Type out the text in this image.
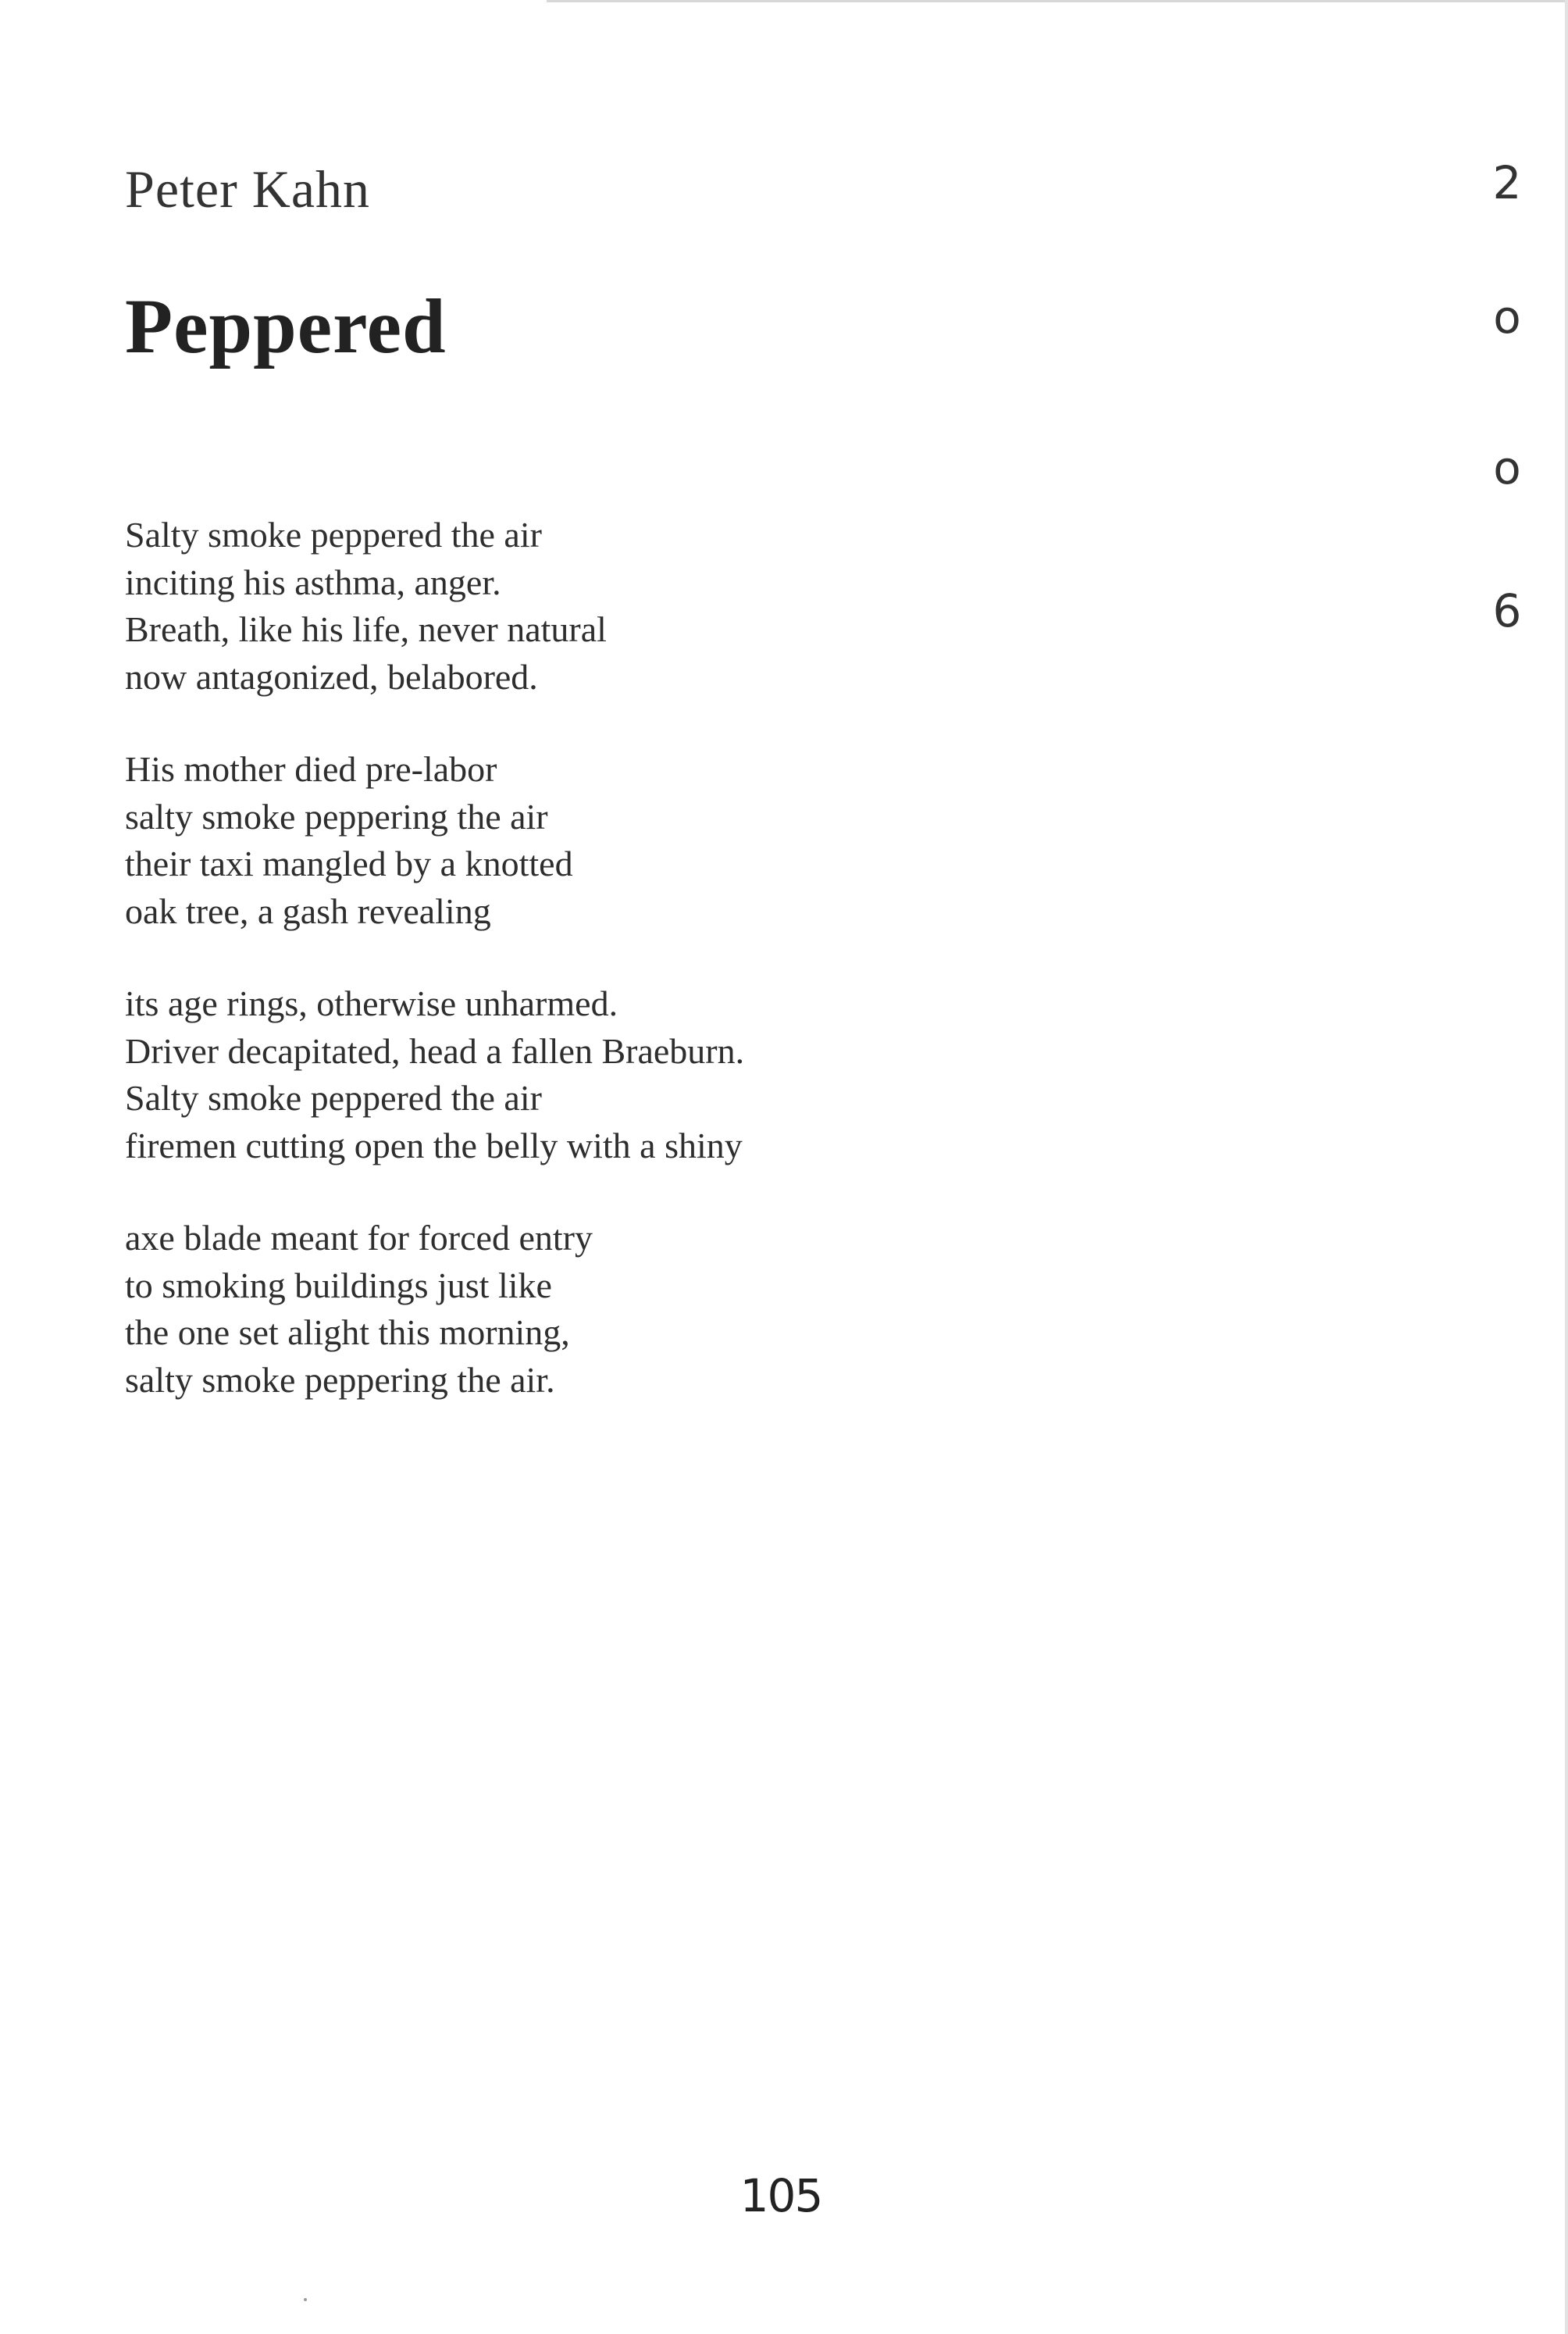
Peter Kahn
Peppered
2
o
o
6
Salty smoke peppered the air
inciting his asthma, anger.
Breath, like his life, never natural
now antagonized, belabored.
His mother died pre-labor
salty smoke peppering the air
their taxi mangled by a knotted
oak tree, a gash revealing
its age rings, otherwise unharmed.
Driver decapitated, head a fallen Braeburn.
Salty smoke peppered the air
firemen cutting open the belly with a shiny
axe blade meant for forced entry
to smoking buildings just like
the one set alight this morning,
salty smoke peppering the air.
105
